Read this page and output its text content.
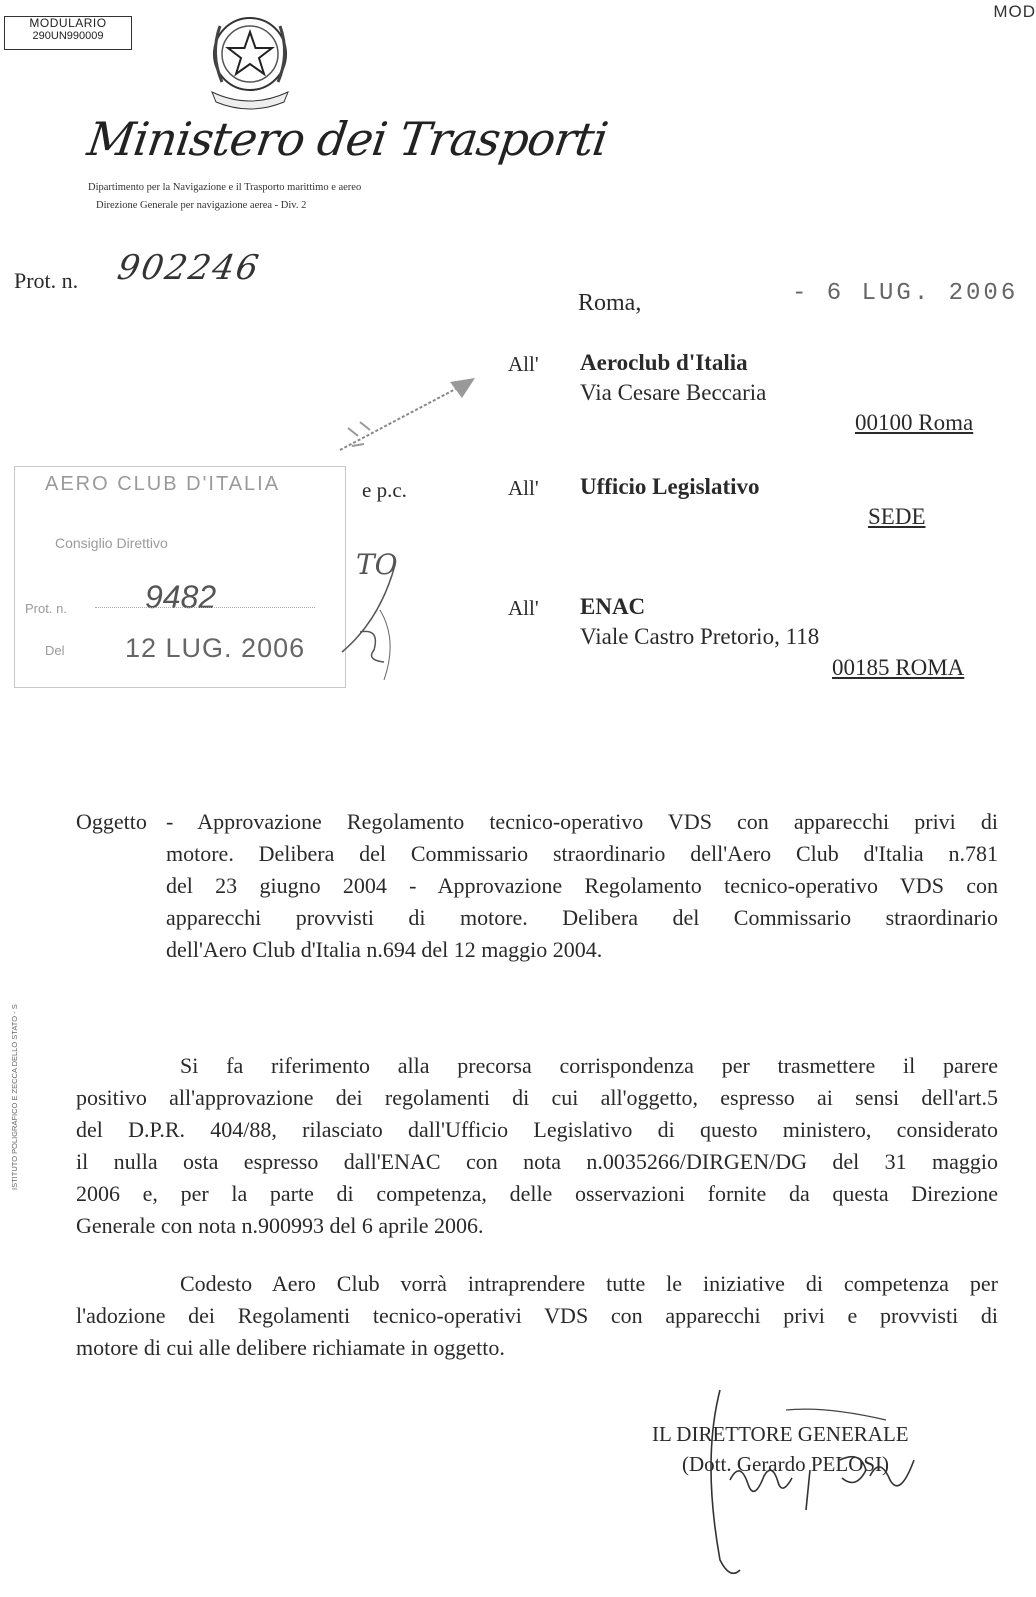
MODULARIO
290UN990009
MOD
Ministero dei Trasporti
Dipartimento per la Navigazione e il Trasporto marittimo e aereo
Direzione Generale per navigazione aerea - Div. 2
Prot. n. 902246
Roma,	- 6 LUG. 2006
All' Aeroclub d'Italia
Via Cesare Beccaria
00100 Roma
AERO CLUB D'ITALIA
Consiglio Direttivo
Prot. n. 9482
Del 12 LUG. 2006
TO
e p.c.	All' Ufficio Legislativo
SEDE
All' ENAC
Viale Castro Pretorio, 118
00185 ROMA
Oggetto - Approvazione Regolamento tecnico-operativo VDS con apparecchi privi di
motore. Delibera del Commissario straordinario dell'Aero Club d'Italia n.781
del 23 giugno 2004 - Approvazione Regolamento tecnico-operativo VDS con
apparecchi provvisti di motore. Delibera del Commissario straordinario
dell'Aero Club d'Italia n.694 del 12 maggio 2004.
Si fa riferimento alla precorsa corrispondenza per trasmettere il parere
positivo all'approvazione dei regolamenti di cui all'oggetto, espresso ai sensi dell'art.5
del D.P.R. 404/88, rilasciato dall'Ufficio Legislativo di questo ministero, considerato
il nulla osta espresso dall'ENAC con nota n.0035266/DIRGEN/DG del 31 maggio
2006 e, per la parte di competenza, delle osservazioni fornite da questa Direzione
Generale con nota n.900993 del 6 aprile 2006.
Codesto Aero Club vorrà intraprendere tutte le iniziative di competenza per
l'adozione dei Regolamenti tecnico-operativi VDS con apparecchi privi e provvisti di
motore di cui alle delibere richiamate in oggetto.
IL DIRETTORE GENERALE
(Dott. Gerardo PELOSI)
ISTITUTO POLIGRAFICO E ZECCA DELLO STATO - S
